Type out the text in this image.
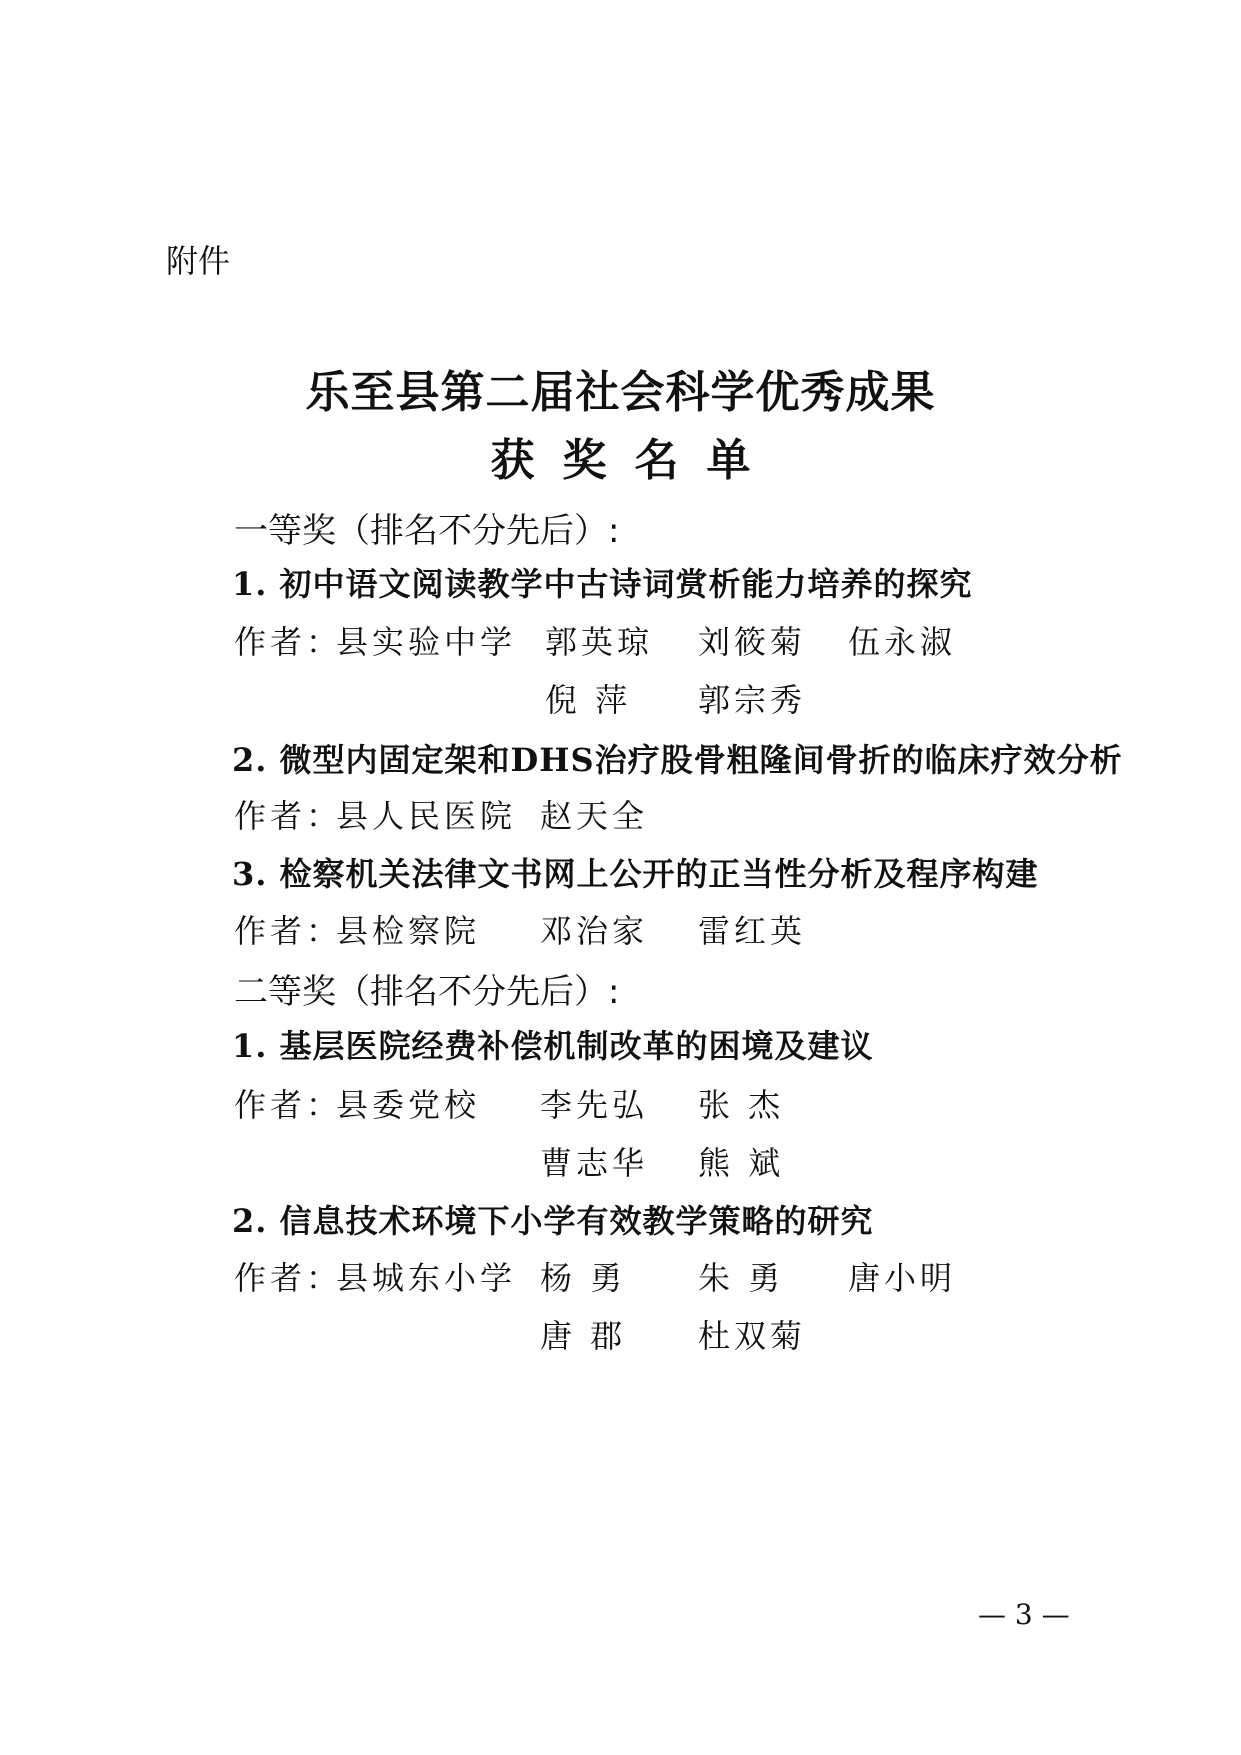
附件
乐至县第二届社会科学优秀成果
获奖名单
一等奖（排名不分先后）:
1. 初中语文阅读教学中古诗词赏析能力培养的探究
作者：
县实验中学 郭英琼 刘筱菊 伍永淑
倪 萍 郭宗秀
2. 微型内固定架和DHS治疗股骨粗隆间骨折的临床疗效分析
作者：
县人民医院 赵天全
3. 检察机关法律文书网上公开的正当性分析及程序构建
作者：
县检察院 邓治家 雷红英
二等奖（排名不分先后）:
1. 基层医院经费补偿机制改革的困境及建议
作者：
县委党校 李先弘 张 杰
曹志华 熊 斌
2. 信息技术环境下小学有效教学策略的研究
作者：
县城东小学 杨 勇 朱 勇 唐小明
唐 郡 杜双菊
— 3 —
